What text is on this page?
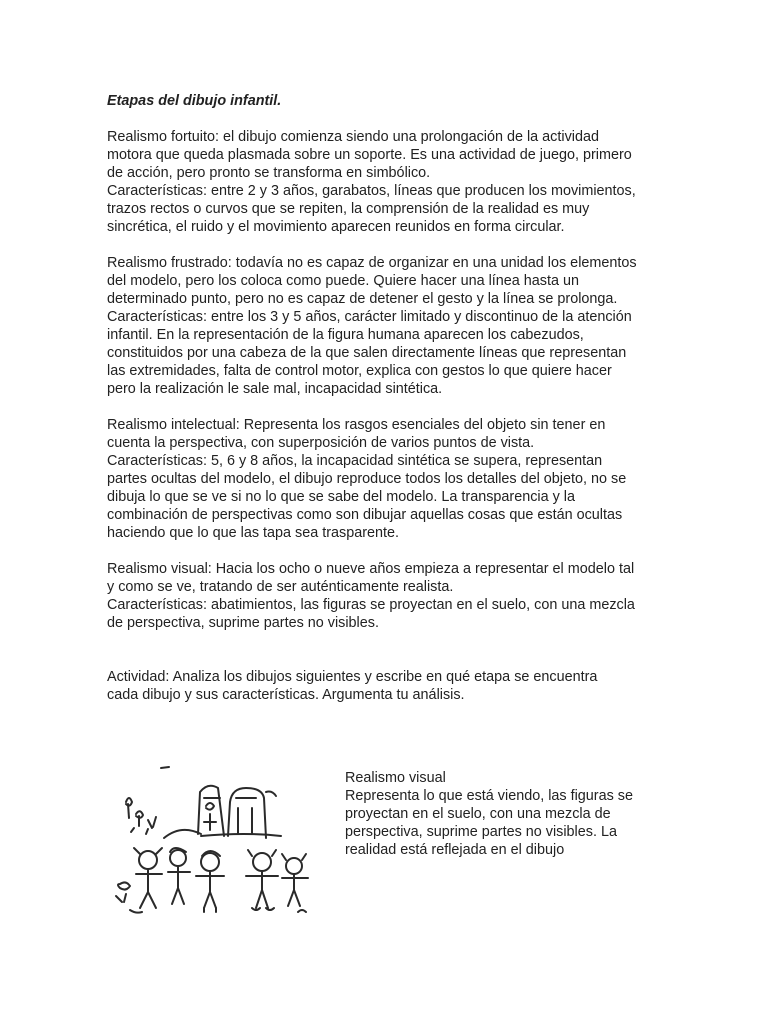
Etapas del dibujo infantil.

Realismo fortuito: el dibujo comienza siendo una prolongación de la actividad
motora que queda plasmada sobre un soporte. Es una actividad de juego, primero
de acción, pero pronto se transforma en simbólico.
Características: entre 2 y 3 años, garabatos, líneas que producen los movimientos,
trazos rectos o curvos que se repiten, la comprensión de la realidad es muy
sincrética, el ruido y el movimiento aparecen reunidos en forma circular.

Realismo frustrado: todavía no es capaz de organizar en una unidad los elementos
del modelo, pero los coloca como puede. Quiere hacer una línea hasta un
determinado punto, pero no es capaz de detener el gesto y la línea se prolonga.
Características: entre los 3 y 5 años, carácter limitado y discontinuo de la atención
infantil. En la representación de la figura humana aparecen los cabezudos,
constituidos por una cabeza de la que salen directamente líneas que representan
las extremidades, falta de control motor, explica con gestos lo que quiere hacer
pero la realización le sale mal, incapacidad sintética.

Realismo intelectual: Representa los rasgos esenciales del objeto sin tener en
cuenta la perspectiva, con superposición de varios puntos de vista.
Características: 5, 6 y 8 años, la incapacidad sintética se supera, representan
partes ocultas del modelo, el dibujo reproduce todos los detalles del objeto, no se
dibuja lo que se ve si no lo que se sabe del modelo. La transparencia y la
combinación de perspectivas como son dibujar aquellas cosas que están ocultas
haciendo que lo que las tapa sea trasparente.

Realismo visual: Hacia los ocho o nueve años empieza a representar el modelo tal
y como se ve, tratando de ser auténticamente realista.
Características: abatimientos, las figuras se proyectan en el suelo, con una mezcla
de perspectiva, suprime partes no visibles.

Actividad: Analiza los dibujos siguientes y escribe en qué etapa se encuentra
cada dibujo y sus características. Argumenta tu análisis.

Realismo visual
Representa lo que está viendo, las figuras se
proyectan en el suelo, con una mezcla de
perspectiva, suprime partes no visibles. La
realidad está reflejada en el dibujo
